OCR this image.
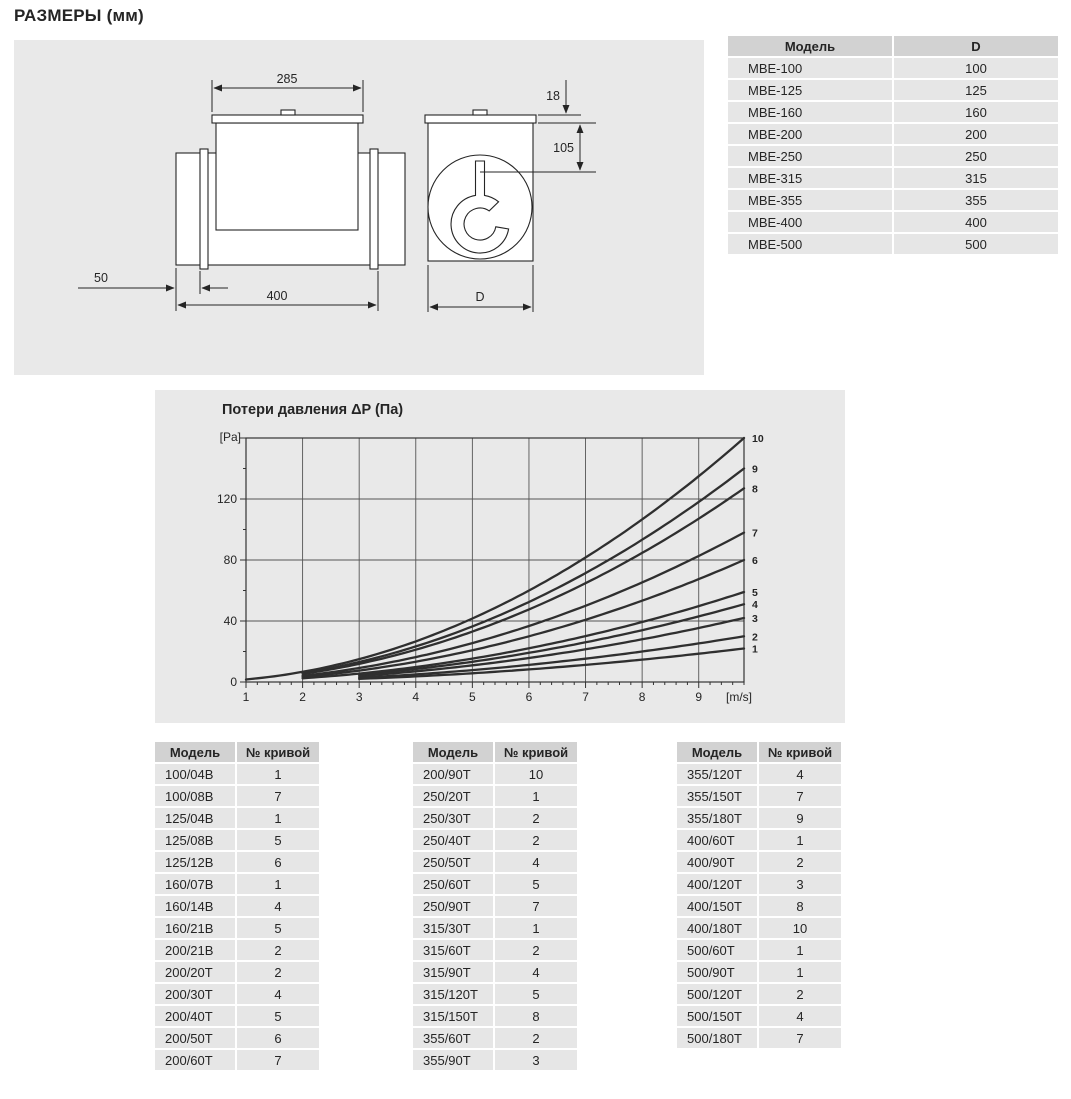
РАЗМЕРЫ (мм)
285
18
105
50
400	D
Модель	D
MBE-100	100
MBE-125	125
MBE-160	160
MBE-200	200
MBE-250	250
MBE-315	315
MBE-355	355
MBE-400	400
MBE-500	500
Потери давления ΔP (Па)
[Pa]
1	2	3	4	5	6	7	8	9
0
40
80
120
[m/s]
1
2
3
4
5
6
7
8
9
10
Модель	№ кривой
100/04B	1
100/08B	7
125/04B	1
125/08B	5
125/12B	6
160/07B	1
160/14B	4
160/21B	5
200/21B	2
200/20T	2
200/30T	4
200/40T	5
200/50T	6
200/60T	7
Модель	№ кривой
200/90T	10
250/20T	1
250/30T	2
250/40T	2
250/50T	4
250/60T	5
250/90T	7
315/30T	1
315/60T	2
315/90T	4
315/120T	5
315/150T	8
355/60T	2
355/90T	3
Модель	№ кривой
355/120T	4
355/150T	7
355/180T	9
400/60T	1
400/90T	2
400/120T	3
400/150T	8
400/180T	10
500/60T	1
500/90T	1
500/120T	2
500/150T	4
500/180T	7
